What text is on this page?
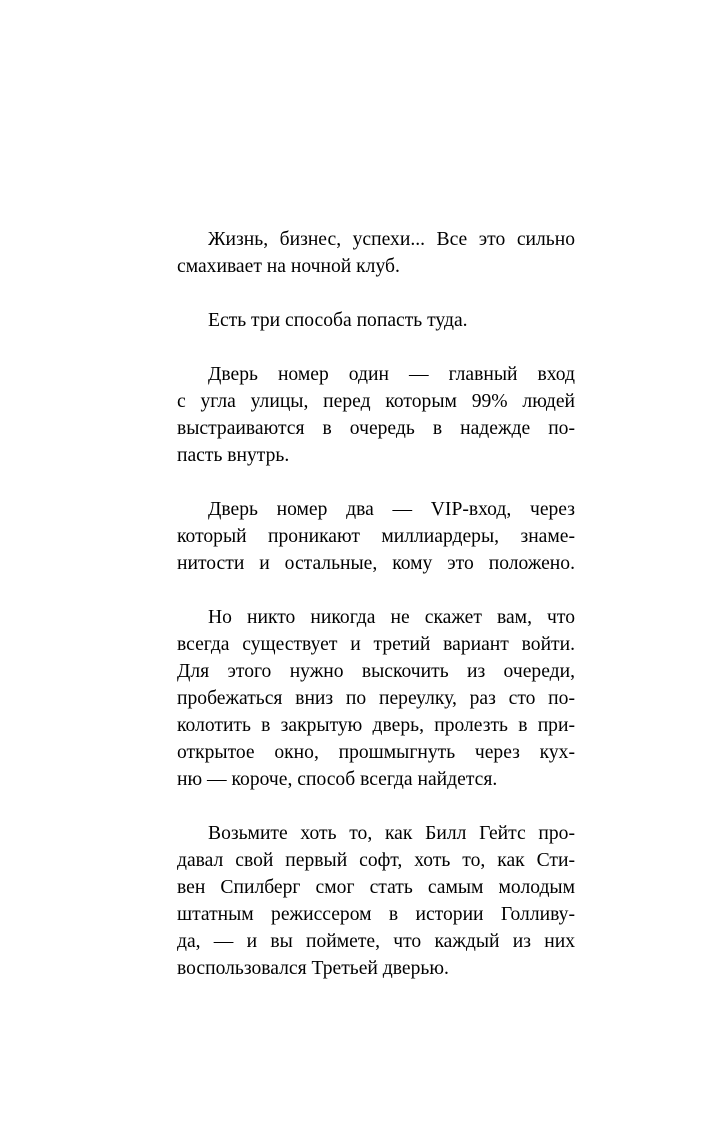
Жизнь, бизнес, успехи... Все это сильно
смахивает на ночной клуб.

Есть три способа попасть туда.

Дверь номер один — главный вход
с угла улицы, перед которым 99% людей
выстраиваются в очередь в надежде по-
пасть внутрь.

Дверь номер два — VIP-вход, через
который проникают миллиардеры, знаме-
нитости и остальные, кому это положено.

Но никто никогда не скажет вам, что
всегда существует и третий вариант войти.
Для этого нужно выскочить из очереди,
пробежаться вниз по переулку, раз сто по-
колотить в закрытую дверь, пролезть в при-
открытое окно, прошмыгнуть через кух-
ню — короче, способ всегда найдется.

Возьмите хоть то, как Билл Гейтс про-
давал свой первый софт, хоть то, как Сти-
вен Спилберг смог стать самым молодым
штатным режиссером в истории Голливу-
да, — и вы поймете, что каждый из них
воспользовался Третьей дверью.
